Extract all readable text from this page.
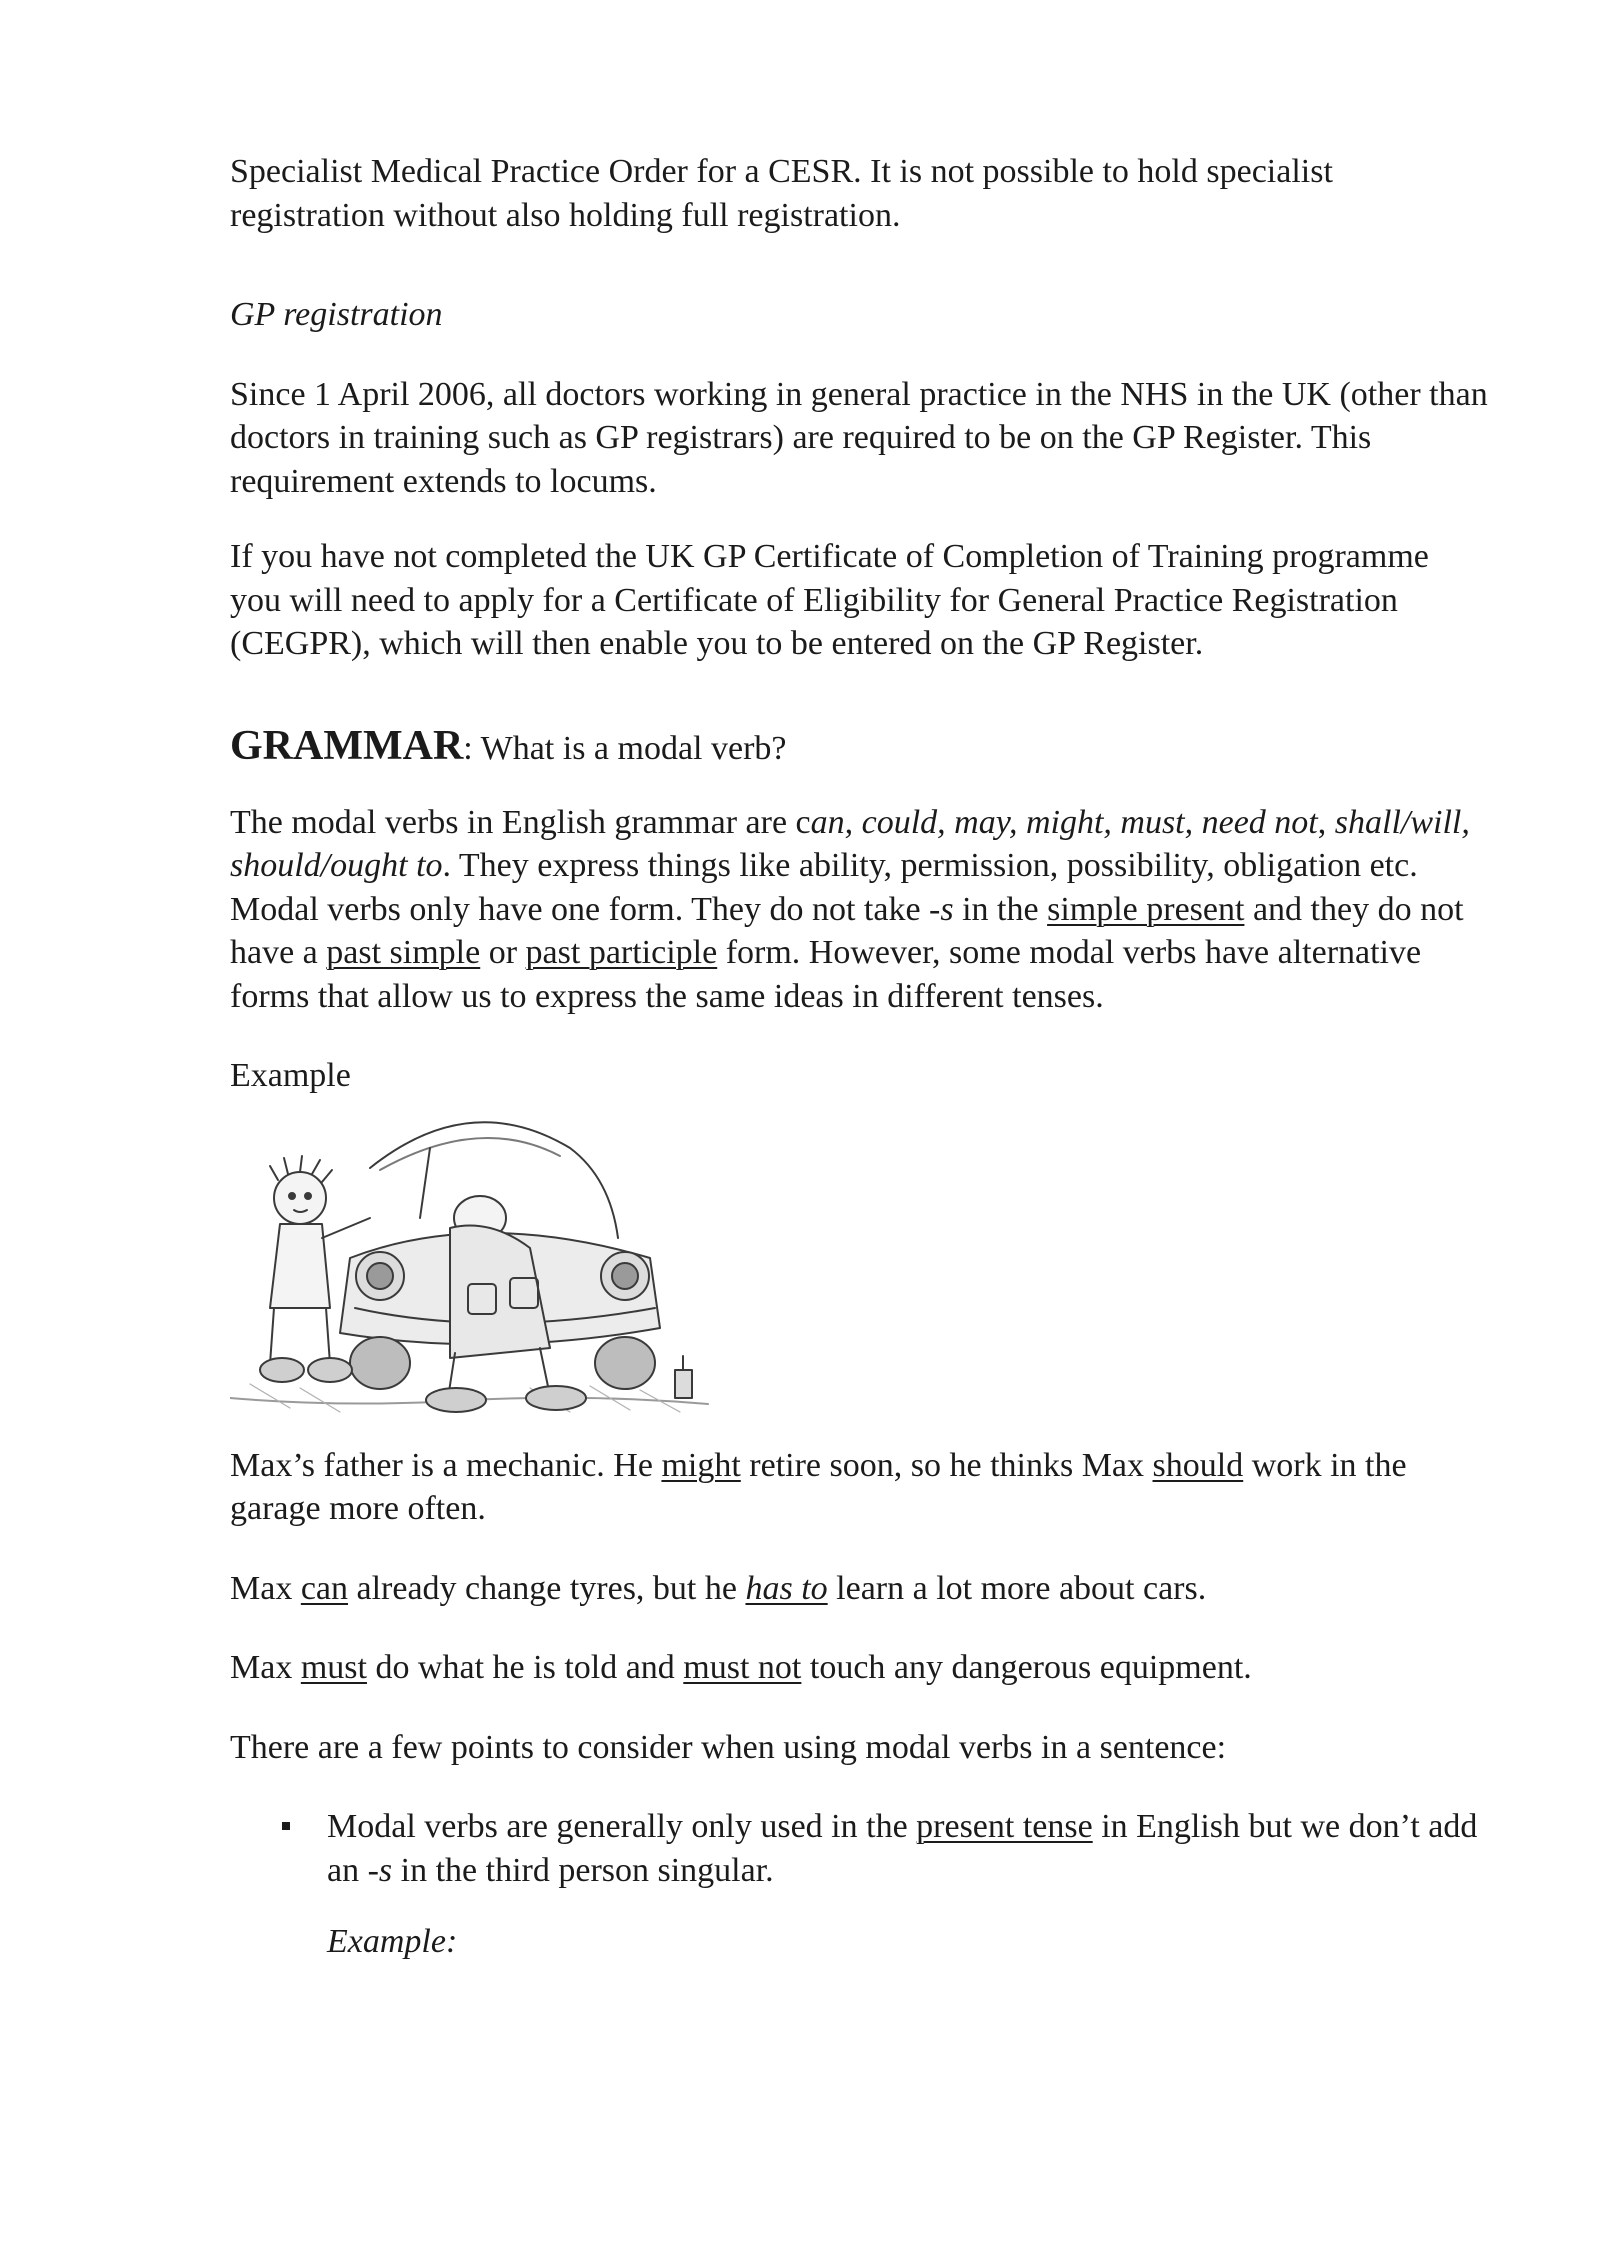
Specialist Medical Practice Order for a CESR. It is not possible to hold specialist registration without also holding full registration.

GP registration

Since 1 April 2006, all doctors working in general practice in the NHS in the UK (other than doctors in training such as GP registrars) are required to be on the GP Register. This requirement extends to locums.

If you have not completed the UK GP Certificate of Completion of Training programme you will need to apply for a Certificate of Eligibility for General Practice Registration (CEGPR), which will then enable you to be entered on the GP Register.

GRAMMAR: What is a modal verb?

The modal verbs in English grammar are can, could, may, might, must, need not, shall/will, should/ought to. They express things like ability, permission, possibility, obligation etc. Modal verbs only have one form. They do not take -s in the simple present and they do not have a past simple or past participle form. However, some modal verbs have alternative forms that allow us to express the same ideas in different tenses.

Example

Max’s father is a mechanic. He might retire soon, so he thinks Max should work in the garage more often.

Max can already change tyres, but he has to learn a lot more about cars.

Max must do what he is told and must not touch any dangerous equipment.

There are a few points to consider when using modal verbs in a sentence:

Modal verbs are generally only used in the present tense in English but we don’t add an -s in the third person singular.

Example:
